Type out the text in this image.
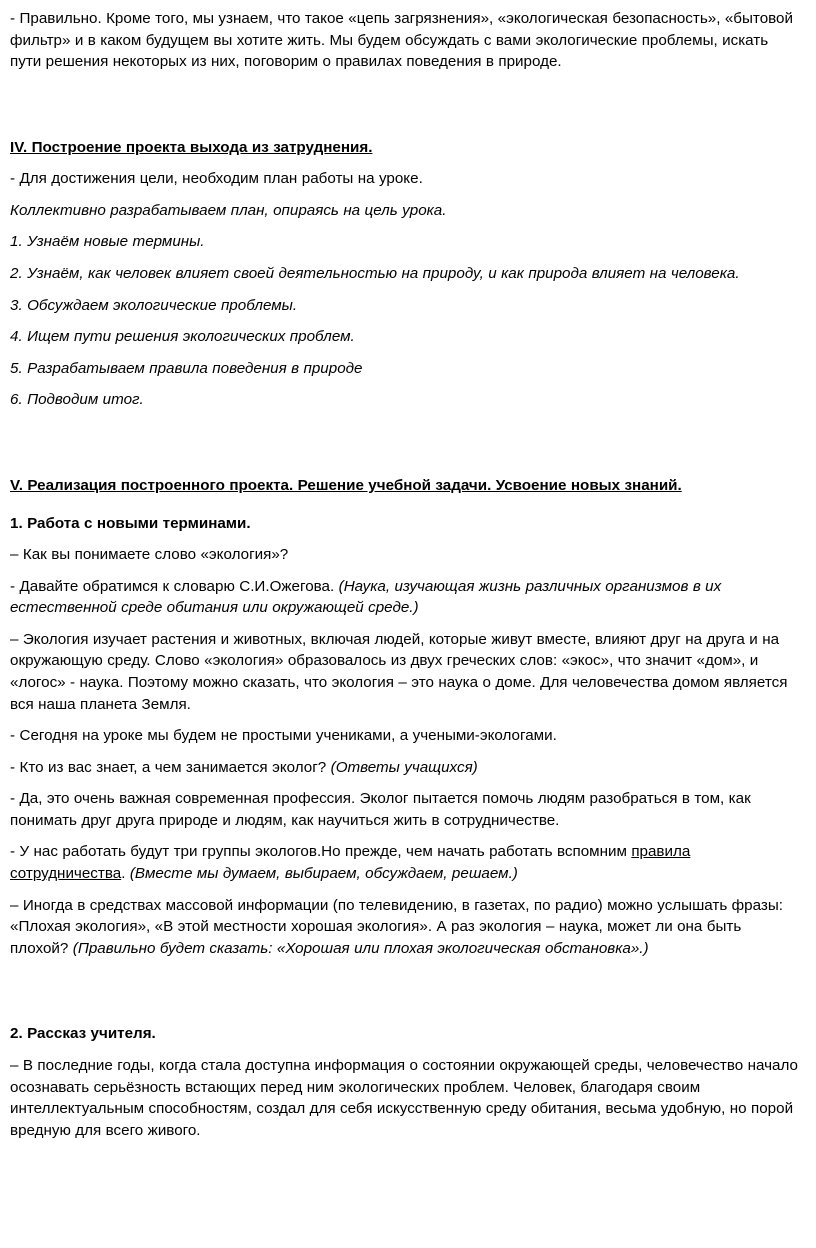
- Правильно. Кроме того, мы узнаем, что такое «цепь загрязнения», «экологическая безопасность», «бытовой фильтр» и в каком будущем вы хотите жить. Мы будем обсуждать с вами экологические проблемы, искать пути решения некоторых из них, поговорим о правилах поведения в природе.

IV. Построение проекта выхода из затруднения.

- Для достижения цели, необходим план работы на уроке.

Коллективно разрабатываем план, опираясь на цель урока.

1. Узнаём новые термины.

2. Узнаём, как человек влияет своей деятельностью на природу, и как природа влияет на человека.

3. Обсуждаем экологические проблемы.

4. Ищем пути решения экологических проблем.

5. Разрабатываем правила поведения в природе

6. Подводим итог.

V. Реализация построенного проекта. Решение учебной задачи. Усвоение новых знаний.

1. Работа с новыми терминами.

– Как вы понимаете слово «экология»?

- Давайте обратимся к словарю С.И.Ожегова. (Наука, изучающая жизнь различных организмов в их естественной среде обитания или окружающей среде.)

– Экология изучает растения и животных, включая людей, которые живут вместе, влияют друг на друга и на окружающую среду. Слово «экология» образовалось из двух греческих слов: «экос», что значит «дом», и «логос» - наука. Поэтому можно сказать, что экология – это наука о доме. Для человечества домом является вся наша планета Земля.

- Сегодня на уроке мы будем не простыми учениками, а учеными-экологами.

- Кто из вас знает, а чем занимается эколог? (Ответы учащихся)

- Да, это очень важная современная профессия. Эколог пытается помочь людям разобраться в том, как понимать друг друга природе и людям, как научиться жить в сотрудничестве.

- У нас работать будут три группы экологов.Но прежде, чем начать работать вспомним правила сотрудничества. (Вместе мы думаем, выбираем, обсуждаем, решаем.)

– Иногда в средствах массовой информации (по телевидению, в газетах, по радио) можно услышать фразы: «Плохая экология», «В этой местности хорошая экология». А раз экология – наука, может ли она быть плохой? (Правильно будет сказать: «Хорошая или плохая экологическая обстановка».)

2. Рассказ учителя.

– В последние годы, когда стала доступна информация о состоянии окружающей среды, человечество начало осознавать серьёзность встающих перед ним экологических проблем. Человек, благодаря своим интеллектуальным способностям, создал для себя искусственную среду обитания, весьма удобную, но порой вредную для всего живого.
